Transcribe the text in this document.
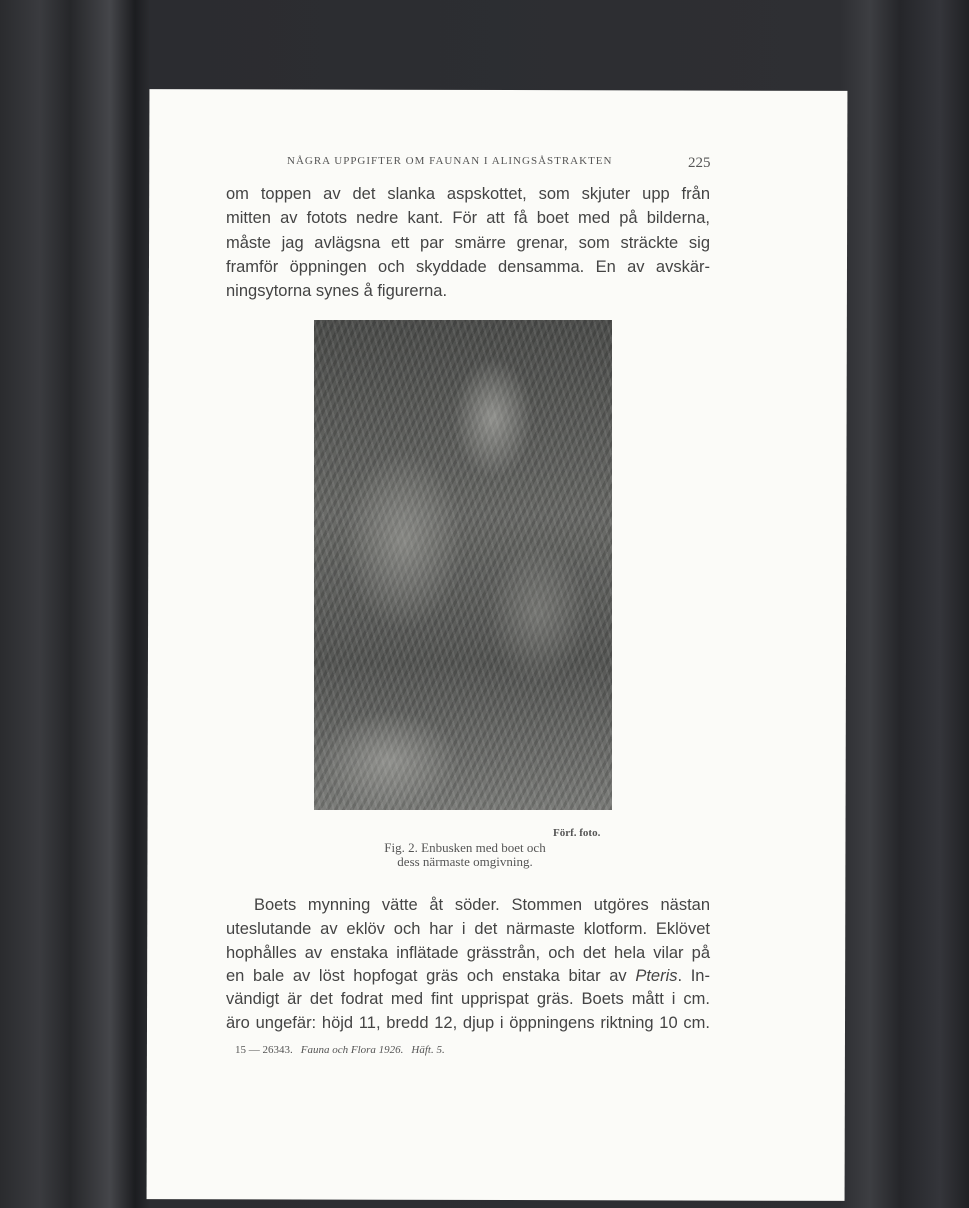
NÅGRA UPPGIFTER OM FAUNAN I ALINGSÅSTRAKTEN	225
om toppen av det slanka aspskottet, som skjuter upp från
mitten av fotots nedre kant. För att få boet med på bilderna,
måste jag avlägsna ett par smärre grenar, som sträckte sig
framför öppningen och skyddade densamma. En av avskär-
ningsytorna synes å figurerna.
Förf. foto.
Fig. 2. Enbusken med boet och
dess närmaste omgivning.
Boets mynning vätte åt söder. Stommen utgöres nästan
uteslutande av eklöv och har i det närmaste klotform. Eklövet
hophålles av enstaka inflätade grässtrån, och det hela vilar på
en bale av löst hopfogat gräs och enstaka bitar av Pteris. In-
vändigt är det fodrat med fint upprispat gräs. Boets mått i cm.
äro ungefär: höjd 11, bredd 12, djup i öppningens riktning 10 cm.
15 — 26343. Fauna och Flora 1926. Häft. 5.
